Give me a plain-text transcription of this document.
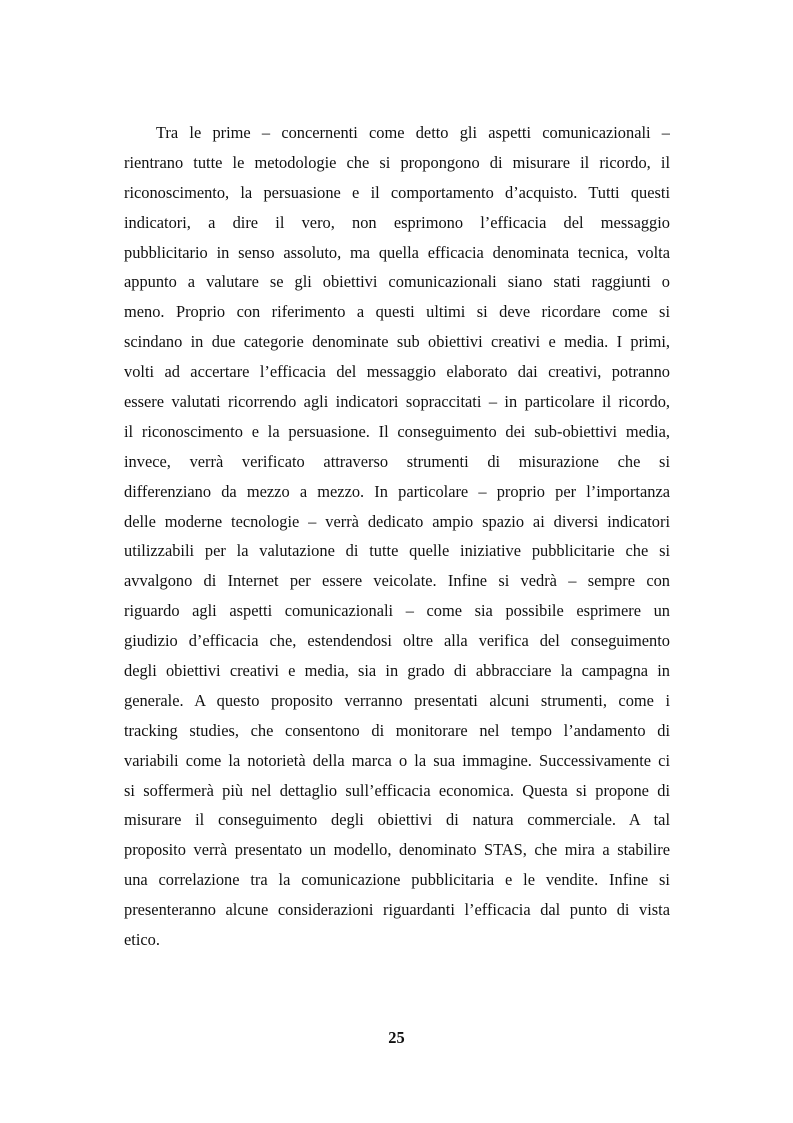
Tra le prime – concernenti come detto gli aspetti comunicazionali –
rientrano tutte le metodologie che si propongono di misurare il ricordo, il
riconoscimento, la persuasione e il comportamento d’acquisto. Tutti questi
indicatori, a dire il vero, non esprimono l’efficacia del messaggio
pubblicitario in senso assoluto, ma quella efficacia denominata tecnica, volta
appunto a valutare se gli obiettivi comunicazionali siano stati raggiunti o
meno. Proprio con riferimento a questi ultimi si deve ricordare come si
scindano in due categorie denominate sub obiettivi creativi e media. I primi,
volti ad accertare l’efficacia del messaggio elaborato dai creativi, potranno
essere valutati ricorrendo agli indicatori sopraccitati – in particolare il ricordo,
il riconoscimento e la persuasione. Il conseguimento dei sub-obiettivi media,
invece, verrà verificato attraverso strumenti di misurazione che si
differenziano da mezzo a mezzo. In particolare – proprio per l’importanza
delle moderne tecnologie – verrà dedicato ampio spazio ai diversi indicatori
utilizzabili per la valutazione di tutte quelle iniziative pubblicitarie che si
avvalgono di Internet per essere veicolate. Infine si vedrà – sempre con
riguardo agli aspetti comunicazionali – come sia possibile esprimere un
giudizio d’efficacia che, estendendosi oltre alla verifica del conseguimento
degli obiettivi creativi e media, sia in grado di abbracciare la campagna in
generale. A questo proposito verranno presentati alcuni strumenti, come i
tracking studies, che consentono di monitorare nel tempo l’andamento di
variabili come la notorietà della marca o la sua immagine. Successivamente ci
si soffermerà più nel dettaglio sull’efficacia economica. Questa si propone di
misurare il conseguimento degli obiettivi di natura commerciale. A tal
proposito verrà presentato un modello, denominato STAS, che mira a stabilire
una correlazione tra la comunicazione pubblicitaria e le vendite. Infine si
presenteranno alcune considerazioni riguardanti l’efficacia dal punto di vista
etico.
25
